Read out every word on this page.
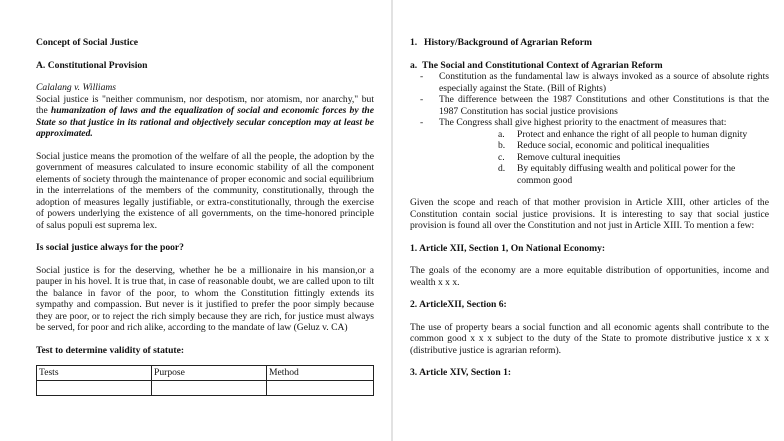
Concept of Social Justice
A. Constitutional Provision
Calalang v. Williams
Social justice is "neither communism, nor despotism, nor atomism, nor anarchy," but the humanization of laws and the equalization of social and economic forces by the State so that justice in its rational and objectively secular conception may at least be approximated.
Social justice means the promotion of the welfare of all the people, the adoption by the government of measures calculated to insure economic stability of all the component elements of society through the maintenance of proper economic and social equilibrium in the interrelations of the members of the community, constitutionally, through the adoption of measures legally justifiable, or extra-constitutionally, through the exercise of powers underlying the existence of all governments, on the time-honored principle of salus populi est suprema lex.
Is social justice always for the poor?
Social justice is for the deserving, whether he be a millionaire in his mansion,or a pauper in his hovel. It is true that, in case of reasonable doubt, we are called upon to tilt the balance in favor of the poor, to whom the Constitution fittingly extends its sympathy and compassion. But never is it justified to prefer the poor simply because they are poor, or to reject the rich simply because they are rich, for justice must always be served, for poor and rich alike, according to the mandate of law (Geluz v. CA)
Test to determine validity of statute:
Tests	Purpose	Method

1. History/Background of Agrarian Reform
a. The Social and Constitutional Context of Agrarian Reform
- Constitution as the fundamental law is always invoked as a source of absolute rights especially against the State. (Bill of Rights)
- The difference between the 1987 Constitutions and other Constitutions is that the 1987 Constitution has social justice provisions
- The Congress shall give highest priority to the enactment of measures that:
a. Protect and enhance the right of all people to human dignity
b. Reduce social, economic and political inequalities
c. Remove cultural inequities
d. By equitably diffusing wealth and political power for the common good
Given the scope and reach of that mother provision in Article XIII, other articles of the Constitution contain social justice provisions. It is interesting to say that social justice provision is found all over the Constitution and not just in Article XIII. To mention a few:
1. Article XII, Section 1, On National Economy:
The goals of the economy are a more equitable distribution of opportunities, income and wealth x x x.
2. ArticleXII, Section 6:
The use of property bears a social function and all economic agents shall contribute to the common good x x x subject to the duty of the State to promote distributive justice x x x (distributive justice is agrarian reform).
3. Article XIV, Section 1:
